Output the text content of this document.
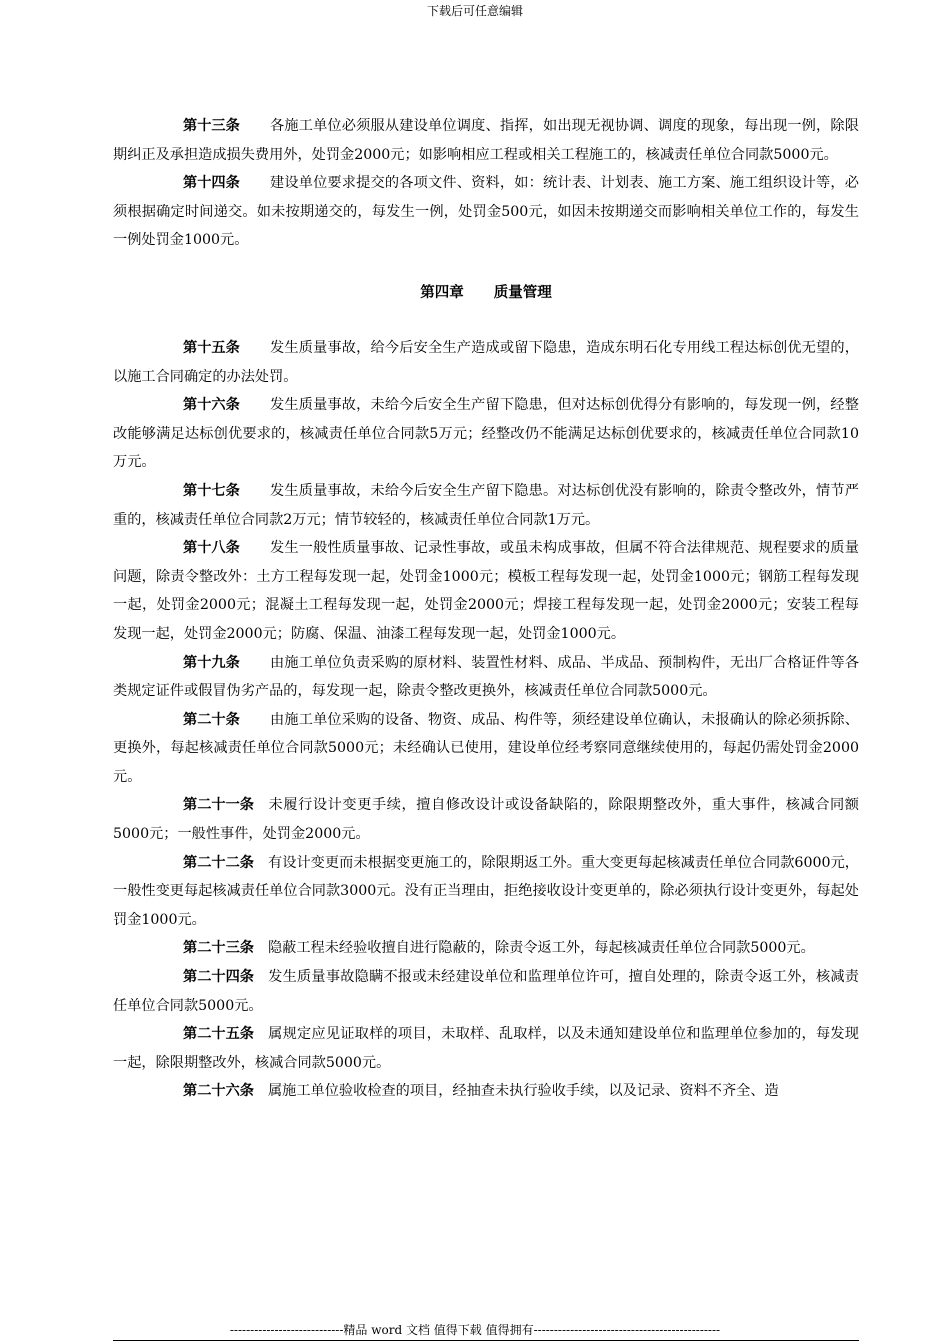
下载后可任意编辑

第十三条 各施工单位必须服从建设单位调度、指挥，如出现无视协调、调度的现象，每出现一例，除限期纠正及承担造成损失费用外，处罚金2000元；如影响相应工程或相关工程施工的，核减责任单位合同款5000元。

第十四条 建设单位要求提交的各项文件、资料，如：统计表、计划表、施工方案、施工组织设计等，必须根据确定时间递交。如未按期递交的，每发生一例，处罚金500元，如因未按期递交而影响相关单位工作的，每发生一例处罚金1000元。

第四章 质量管理

第十五条 发生质量事故，给今后安全生产造成或留下隐患，造成东明石化专用线工程达标创优无望的，以施工合同确定的办法处罚。

第十六条 发生质量事故，未给今后安全生产留下隐患，但对达标创优得分有影响的，每发现一例，经整改能够满足达标创优要求的，核减责任单位合同款5万元；经整改仍不能满足达标创优要求的，核减责任单位合同款10万元。

第十七条 发生质量事故，未给今后安全生产留下隐患。对达标创优没有影响的，除责令整改外，情节严重的，核减责任单位合同款2万元；情节较轻的，核减责任单位合同款1万元。

第十八条 发生一般性质量事故、记录性事故，或虽未构成事故，但属不符合法律规范、规程要求的质量问题，除责令整改外：土方工程每发现一起，处罚金1000元；模板工程每发现一起，处罚金1000元；钢筋工程每发现一起，处罚金2000元；混凝土工程每发现一起，处罚金2000元；焊接工程每发现一起，处罚金2000元；安装工程每发现一起，处罚金2000元；防腐、保温、油漆工程每发现一起，处罚金1000元。

第十九条 由施工单位负责采购的原材料、装置性材料、成品、半成品、预制构件，无出厂合格证件等各类规定证件或假冒伪劣产品的，每发现一起，除责令整改更换外，核减责任单位合同款5000元。

第二十条 由施工单位采购的设备、物资、成品、构件等，须经建设单位确认，未报确认的除必须拆除、更换外，每起核减责任单位合同款5000元；未经确认已使用，建设单位经考察同意继续使用的，每起仍需处罚金2000元。

第二十一条 未履行设计变更手续，擅自修改设计或设备缺陷的，除限期整改外，重大事件，核减合同额5000元；一般性事件，处罚金2000元。

第二十二条 有设计变更而未根据变更施工的，除限期返工外。重大变更每起核减责任单位合同款6000元，一般性变更每起核减责任单位合同款3000元。没有正当理由，拒绝接收设计变更单的，除必须执行设计变更外，每起处罚金1000元。

第二十三条 隐蔽工程未经验收擅自进行隐蔽的，除责令返工外，每起核减责任单位合同款5000元。

第二十四条 发生质量事故隐瞒不报或未经建设单位和监理单位许可，擅自处理的，除责令返工外，核减责任单位合同款5000元。

第二十五条 属规定应见证取样的项目，未取样、乱取样，以及未通知建设单位和监理单位参加的，每发现一起，除限期整改外，核减合同款5000元。

第二十六条 属施工单位验收检查的项目，经抽查未执行验收手续，以及记录、资料不齐全、造

----------------------------精品 word 文档 值得下载 值得拥有----------------------------------------------
